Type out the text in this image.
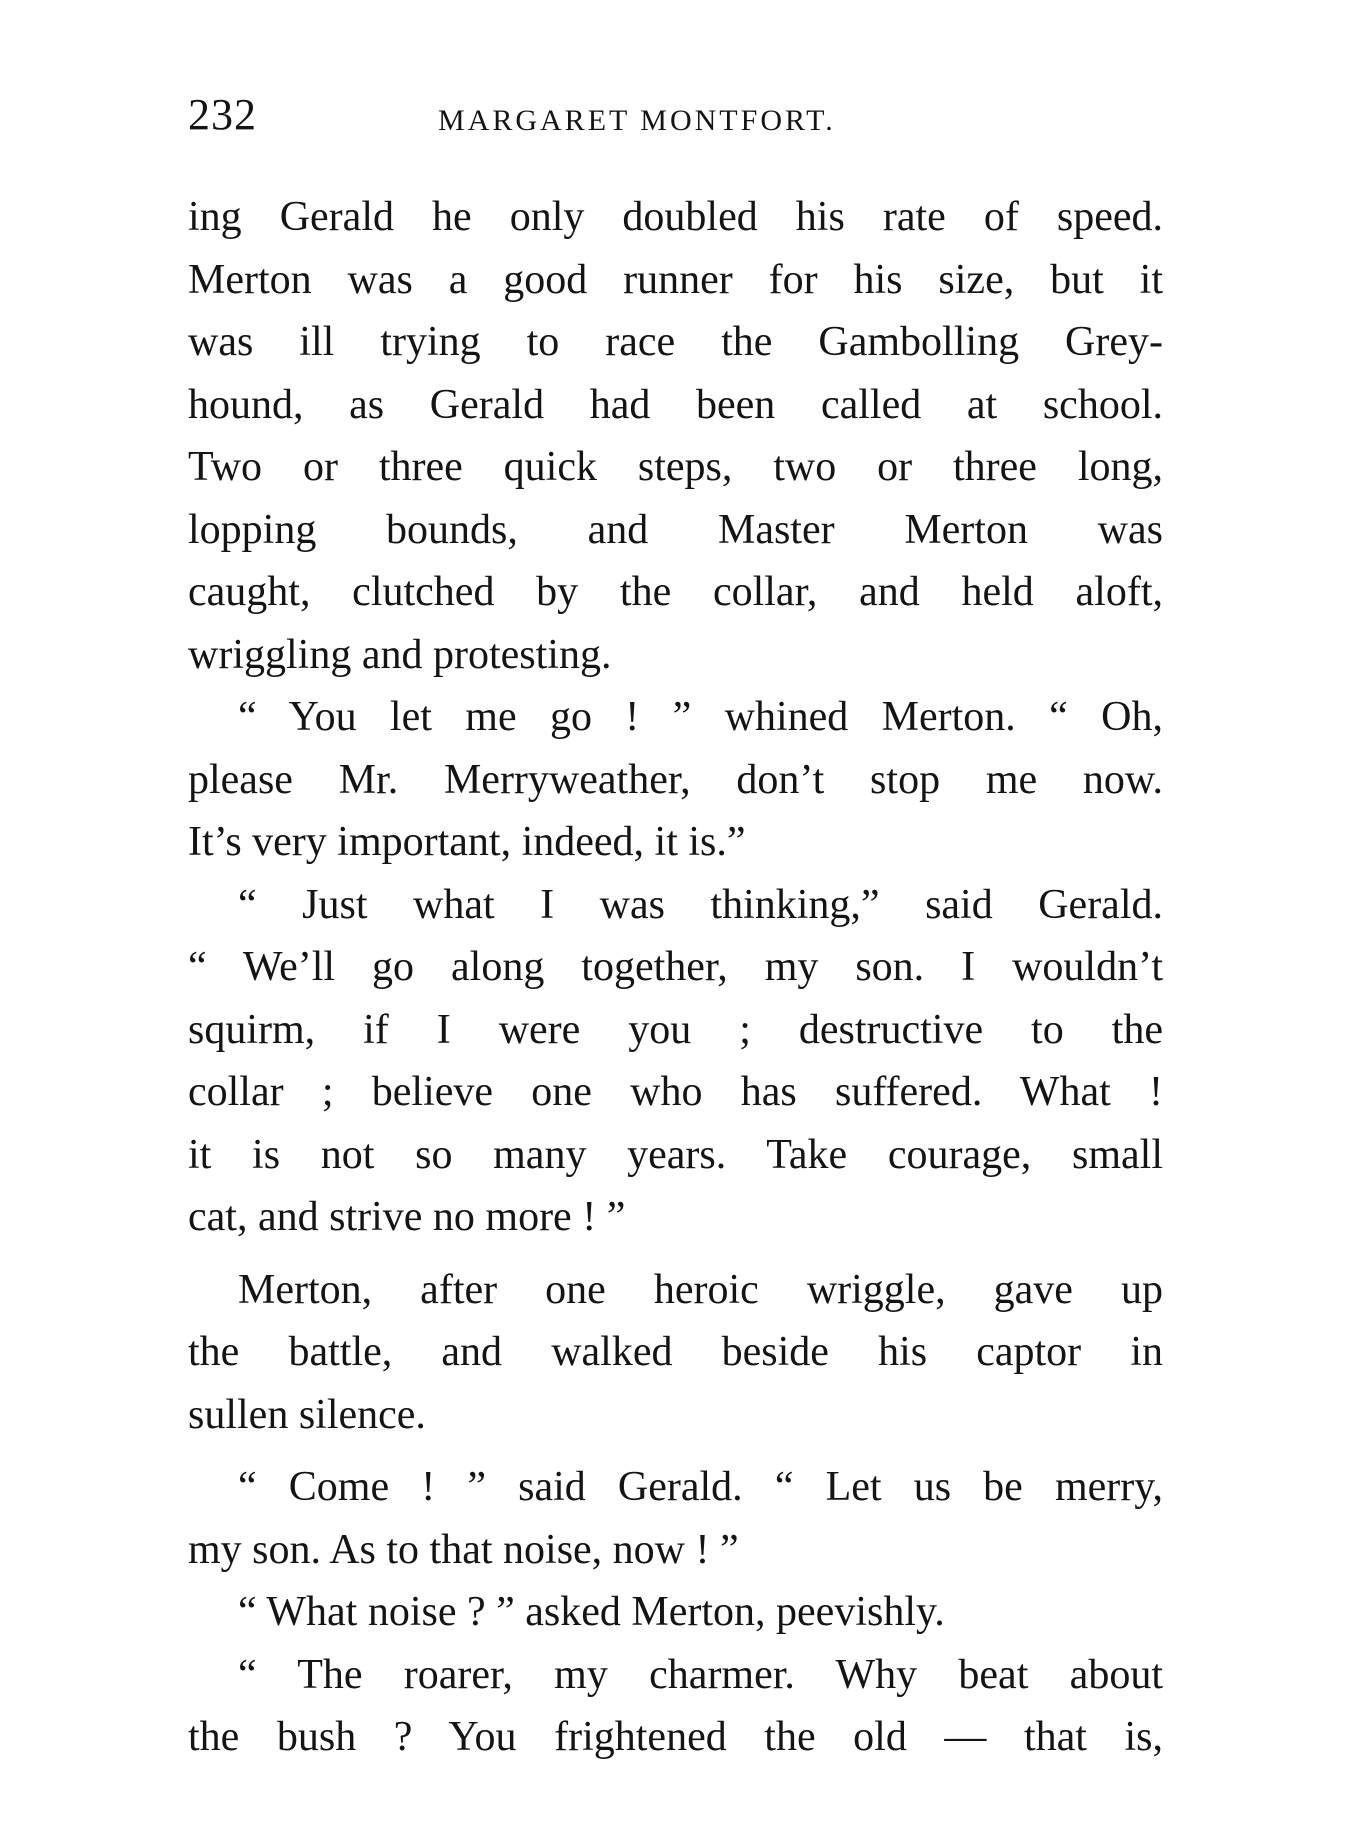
232	MARGARET MONTFORT.
ing Gerald he only doubled his rate of speed.
Merton was a good runner for his size, but it
was ill trying to race the Gambolling Grey-
hound, as Gerald had been called at school.
Two or three quick steps, two or three long,
lopping bounds, and Master Merton was
caught, clutched by the collar, and held aloft,
wriggling and protesting.
“ You let me go ! ” whined Merton. “ Oh,
please Mr. Merryweather, don’t stop me now.
It’s very important, indeed, it is.”
“ Just what I was thinking,” said Gerald.
“ We’ll go along together, my son. I wouldn’t
squirm, if I were you ; destructive to the
collar ; believe one who has suffered. What !
it is not so many years. Take courage, small
cat, and strive no more ! ”
Merton, after one heroic wriggle, gave up
the battle, and walked beside his captor in
sullen silence.
“ Come ! ” said Gerald. “ Let us be merry,
my son. As to that noise, now ! ”
“ What noise ? ” asked Merton, peevishly.
“ The roarer, my charmer. Why beat about
the bush ? You frightened the old — that is,
